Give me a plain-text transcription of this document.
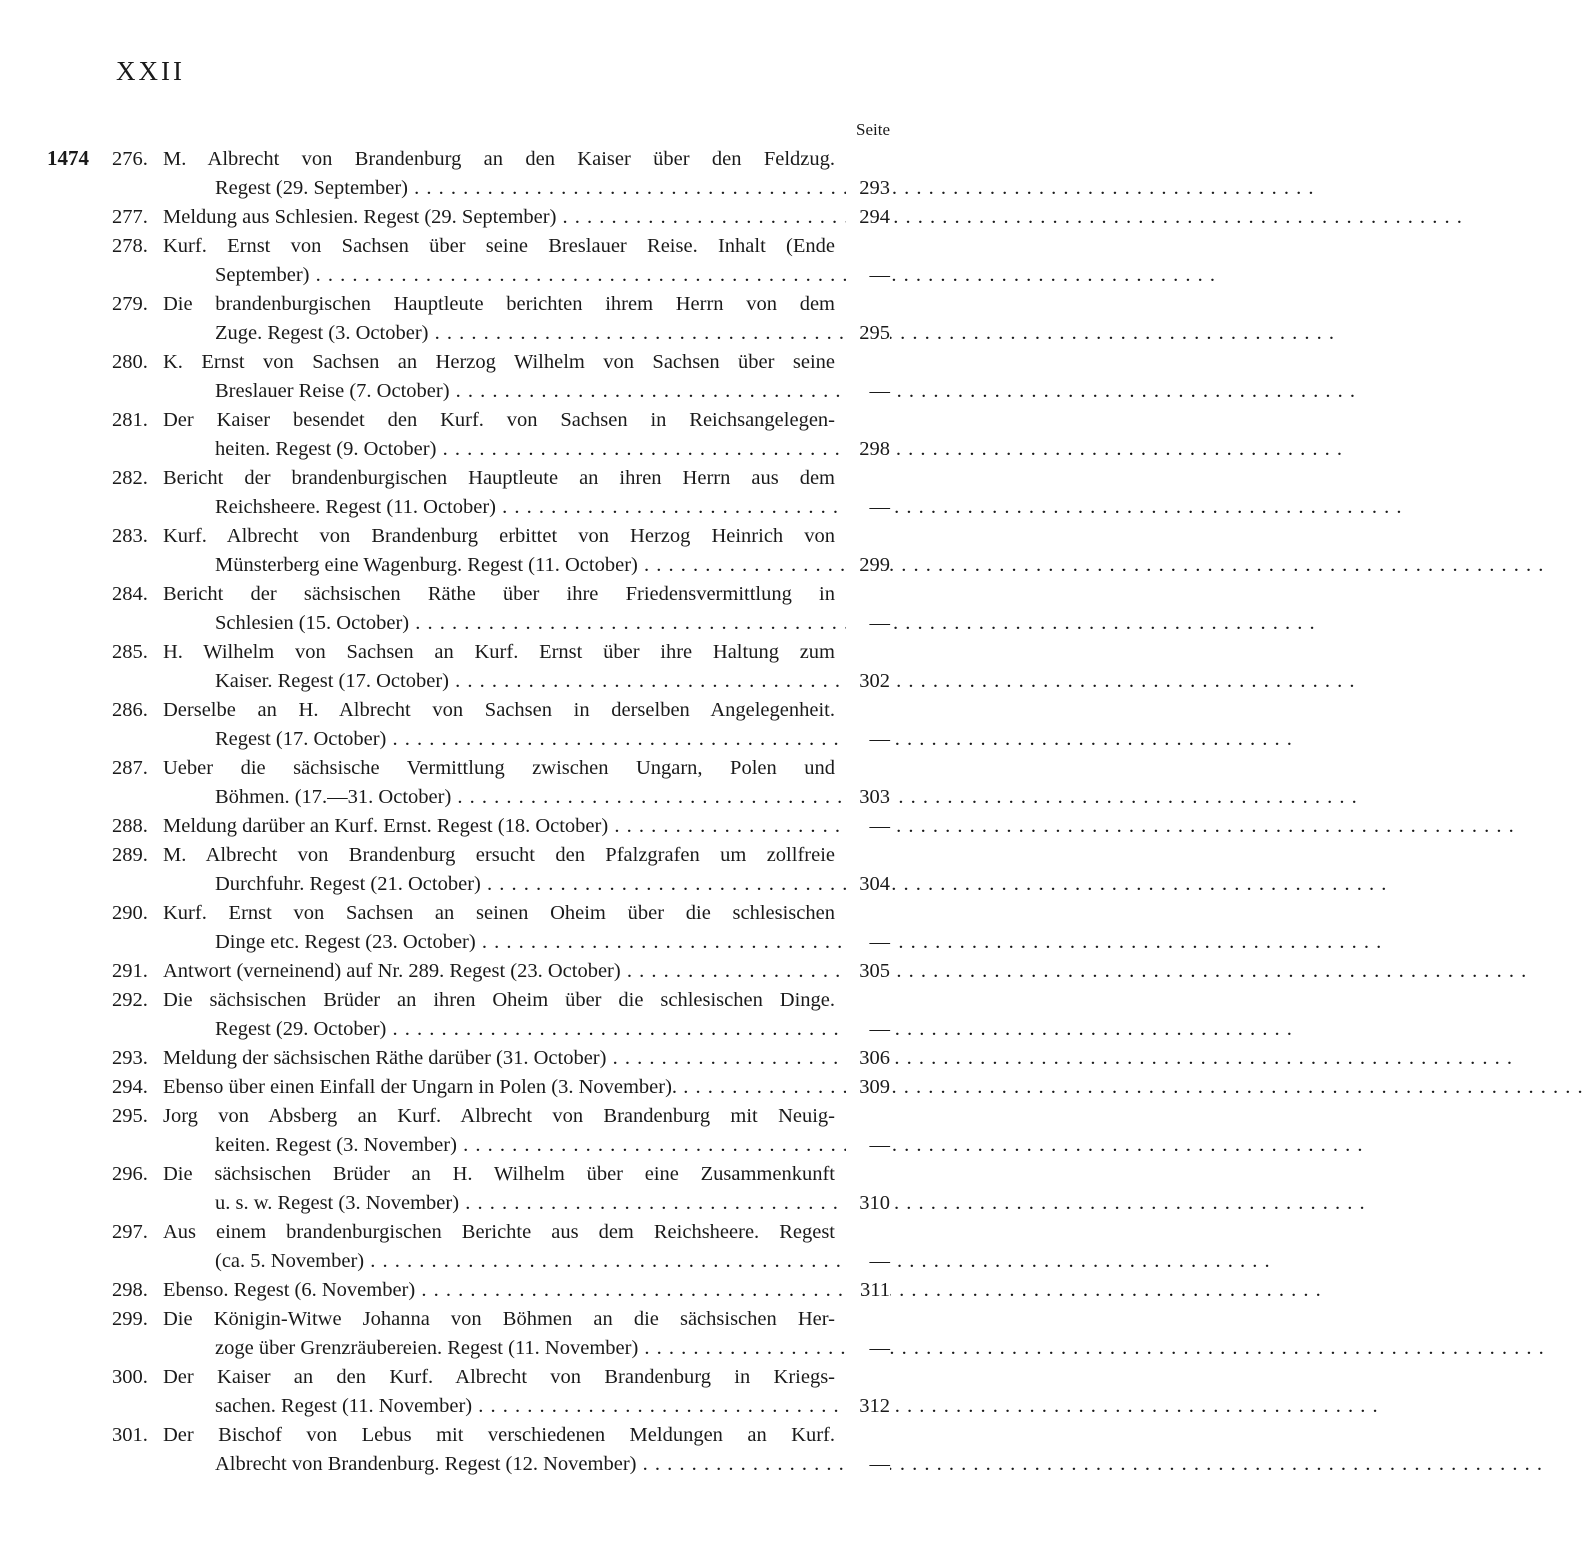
XXII
Seite
1474 276. M. Albrecht von Brandenburg an den Kaiser über den Feldzug.
Regest (29. September) . . .	293
277. Meldung aus Schlesien. Regest (29. September) . . .	294
278. Kurf. Ernst von Sachsen über seine Breslauer Reise. Inhalt (Ende
September) . . .	—
279. Die brandenburgischen Hauptleute berichten ihrem Herrn von dem
Zuge. Regest (3. October) . . .	295
280. K. Ernst von Sachsen an Herzog Wilhelm von Sachsen über seine
Breslauer Reise (7. October) . . .	—
281. Der Kaiser besendet den Kurf. von Sachsen in Reichsangelegen-
heiten. Regest (9. October) . . .	298
282. Bericht der brandenburgischen Hauptleute an ihren Herrn aus dem
Reichsheere. Regest (11. October) . . .	—
283. Kurf. Albrecht von Brandenburg erbittet von Herzog Heinrich von
Münsterberg eine Wagenburg. Regest (11. October) . . .	299
284. Bericht der sächsischen Räthe über ihre Friedensvermittlung in
Schlesien (15. October) . . .	—
285. H. Wilhelm von Sachsen an Kurf. Ernst über ihre Haltung zum
Kaiser. Regest (17. October) . . .	302
286. Derselbe an H. Albrecht von Sachsen in derselben Angelegenheit.
Regest (17. October) . . .	—
287. Ueber die sächsische Vermittlung zwischen Ungarn, Polen und
Böhmen. (17.—31. October) . . .	303
288. Meldung darüber an Kurf. Ernst. Regest (18. October) . . .	—
289. M. Albrecht von Brandenburg ersucht den Pfalzgrafen um zollfreie
Durchfuhr. Regest (21. October) . . .	304
290. Kurf. Ernst von Sachsen an seinen Oheim über die schlesischen
Dinge etc. Regest (23. October) . . .	—
291. Antwort (verneinend) auf Nr. 289. Regest (23. October) . . .	305
292. Die sächsischen Brüder an ihren Oheim über die schlesischen Dinge.
Regest (29. October) . . .	—
293. Meldung der sächsischen Räthe darüber (31. October) . . .	306
294. Ebenso über einen Einfall der Ungarn in Polen (3. November). . . .	309
295. Jorg von Absberg an Kurf. Albrecht von Brandenburg mit Neuig-
keiten. Regest (3. November) . . .	—
296. Die sächsischen Brüder an H. Wilhelm über eine Zusammenkunft
u. s. w. Regest (3. November) . . .	310
297. Aus einem brandenburgischen Berichte aus dem Reichsheere. Regest
(ca. 5. November) . . .	—
298. Ebenso. Regest (6. November) . . .	311
299. Die Königin-Witwe Johanna von Böhmen an die sächsischen Her-
zoge über Grenzräubereien. Regest (11. November) . . .	—
300. Der Kaiser an den Kurf. Albrecht von Brandenburg in Kriegs-
sachen. Regest (11. November) . . .	312
301. Der Bischof von Lebus mit verschiedenen Meldungen an Kurf.
Albrecht von Brandenburg. Regest (12. November) . . .	—
